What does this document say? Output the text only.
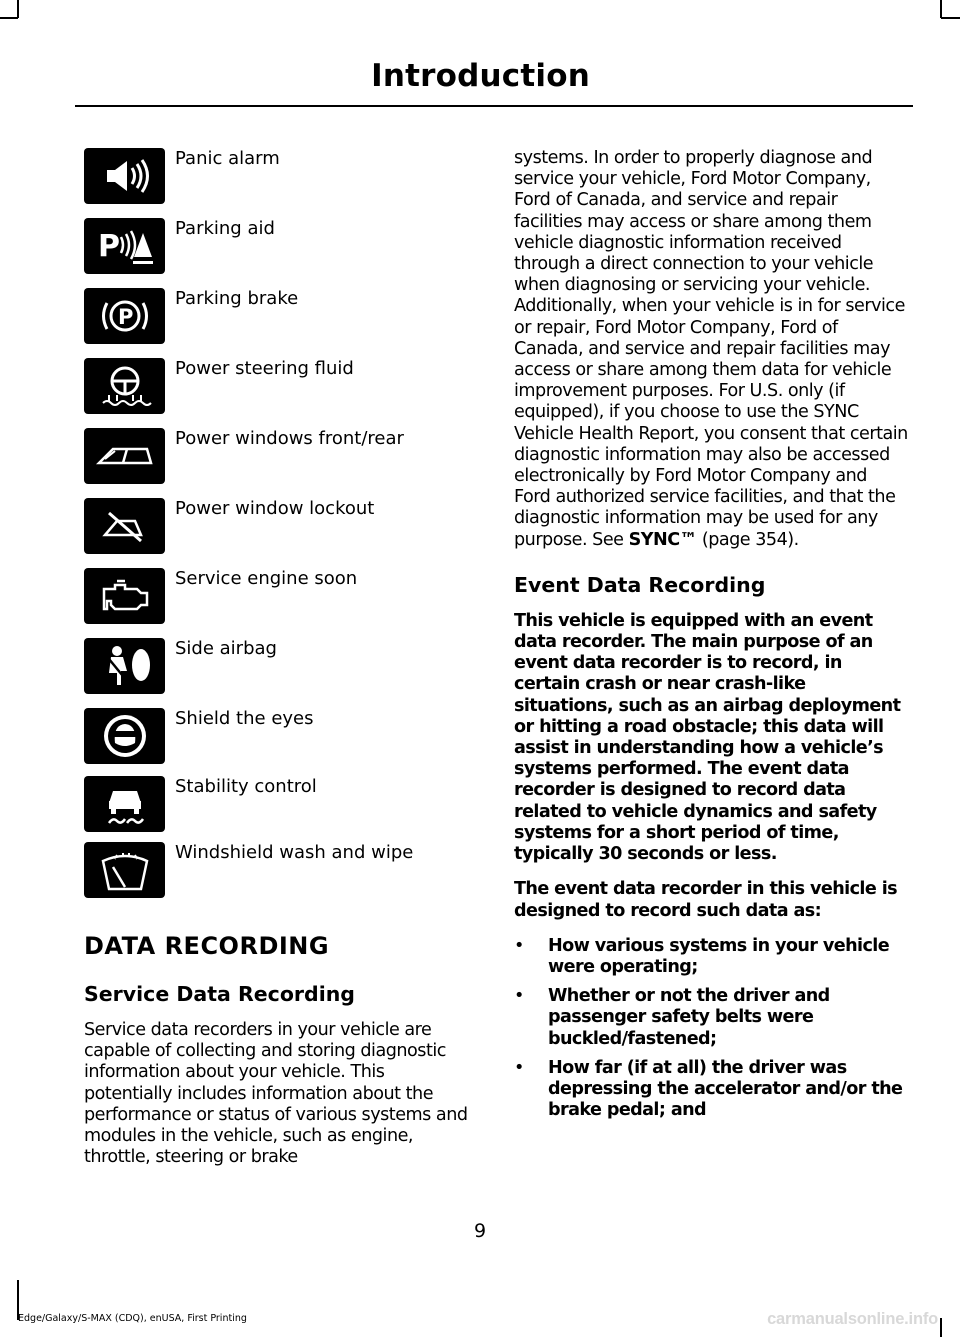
Introduction
Panic alarm
P
Parking aid
P
Parking brake
Power steering fluid
Power windows front/rear
Power window lockout
Service engine soon
Side airbag
Shield the eyes
Stability control
Windshield wash and wipe
DATA RECORDING
Service Data Recording
Service data recorders in your vehicle are capable of collecting and storing diagnostic information about your vehicle. This potentially includes information about the performance or status of various systems and modules in the vehicle, such as engine, throttle, steering or brake
systems. In order to properly diagnose and service your vehicle, Ford Motor Company, Ford of Canada, and service and repair facilities may access or share among them vehicle diagnostic information received through a direct connection to your vehicle when diagnosing or servicing your vehicle. Additionally, when your vehicle is in for service or repair, Ford Motor Company, Ford of Canada, and service and repair facilities may access or share among them data for vehicle improvement purposes. For U.S. only (if equipped), if you choose to use the SYNC Vehicle Health Report, you consent that certain diagnostic information may also be accessed electronically by Ford Motor Company and Ford authorized service facilities, and that the diagnostic information may be used for any purpose. See SYNC™ (page 354).
Event Data Recording
This vehicle is equipped with an event data recorder. The main purpose of an event data recorder is to record, in certain crash or near crash-like situations, such as an airbag deployment or hitting a road obstacle; this data will assist in understanding how a vehicle’s systems performed. The event data recorder is designed to record data related to vehicle dynamics and safety systems for a short period of time, typically 30 seconds or less.
The event data recorder in this vehicle is designed to record such data as:
• How various systems in your vehicle were operating;
• Whether or not the driver and passenger safety belts were buckled/fastened;
• How far (if at all) the driver was depressing the accelerator and/or the brake pedal; and
9
Edge/Galaxy/S-MAX (CDQ), enUSA, First Printing	carmanualsonline.info
